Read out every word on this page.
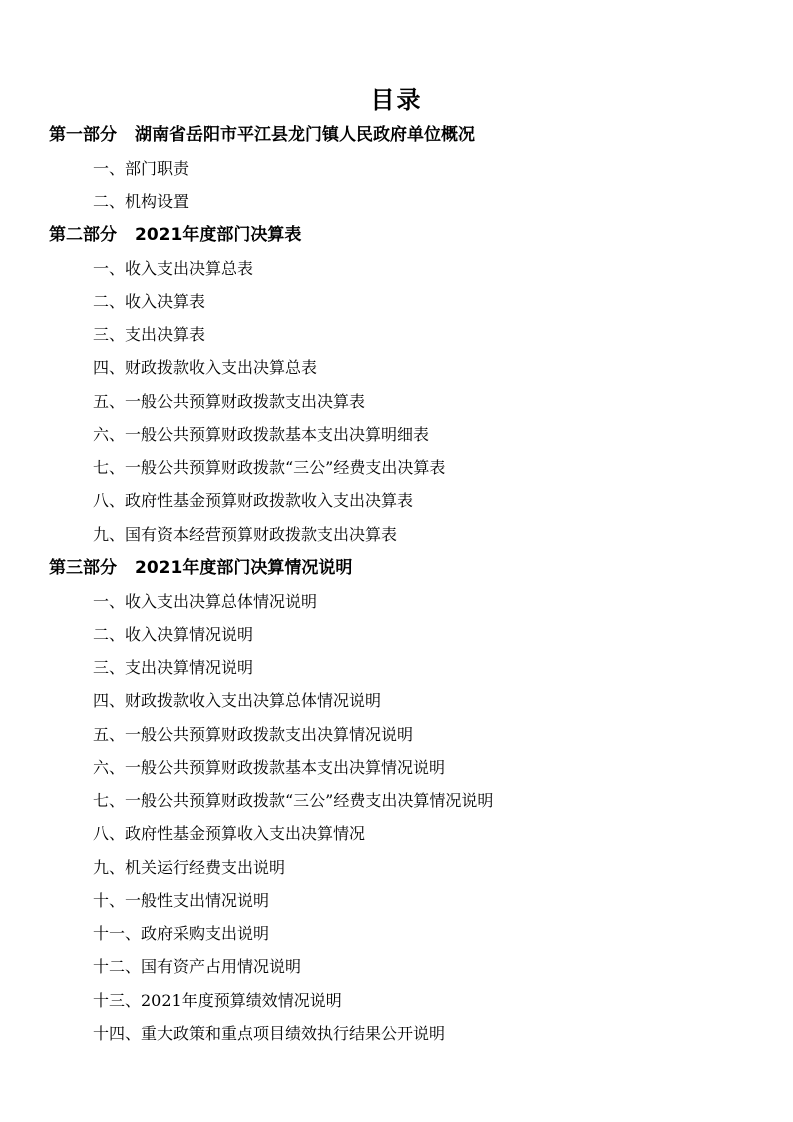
目录
第一部分 湖南省岳阳市平江县龙门镇人民政府单位概况
一、部门职责
二、机构设置
第二部分 2021年度部门决算表
一、收入支出决算总表
二、收入决算表
三、支出决算表
四、财政拨款收入支出决算总表
五、一般公共预算财政拨款支出决算表
六、一般公共预算财政拨款基本支出决算明细表
七、一般公共预算财政拨款“三公”经费支出决算表
八、政府性基金预算财政拨款收入支出决算表
九、国有资本经营预算财政拨款支出决算表
第三部分 2021年度部门决算情况说明
一、收入支出决算总体情况说明
二、收入决算情况说明
三、支出决算情况说明
四、财政拨款收入支出决算总体情况说明
五、一般公共预算财政拨款支出决算情况说明
六、一般公共预算财政拨款基本支出决算情况说明
七、一般公共预算财政拨款“三公”经费支出决算情况说明
八、政府性基金预算收入支出决算情况
九、机关运行经费支出说明
十、一般性支出情况说明
十一、政府采购支出说明
十二、国有资产占用情况说明
十三、2021年度预算绩效情况说明
十四、重大政策和重点项目绩效执行结果公开说明
